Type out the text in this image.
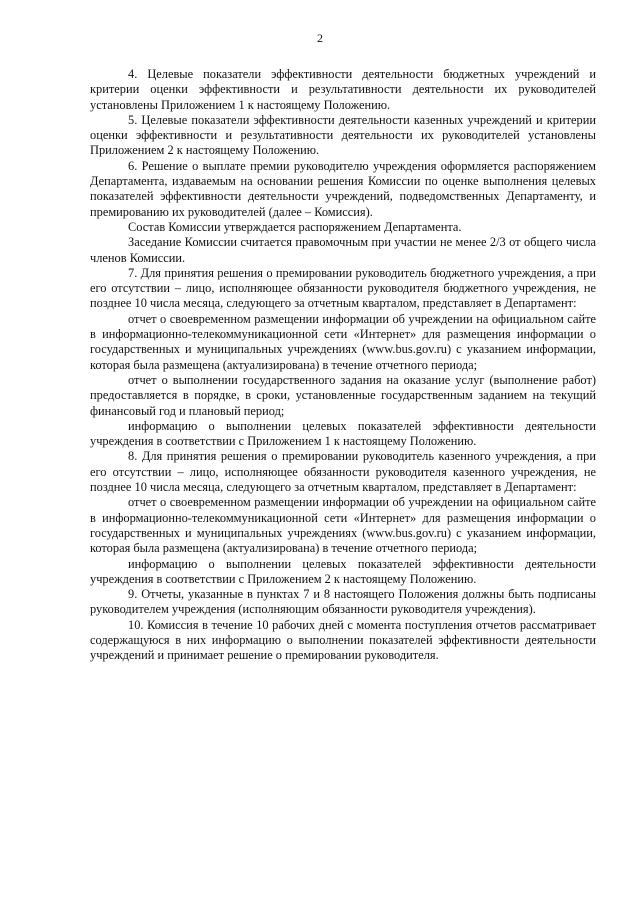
2

4. Целевые показатели эффективности деятельности бюджетных учреждений и критерии оценки эффективности и результативности деятельности их руководителей установлены Приложением 1 к настоящему Положению.

5. Целевые показатели эффективности деятельности казенных учреждений и критерии оценки эффективности и результативности деятельности их руководителей установлены Приложением 2 к настоящему Положению.

6. Решение о выплате премии руководителю учреждения оформляется распоряжением Департамента, издаваемым на основании решения Комиссии по оценке выполнения целевых показателей эффективности деятельности учреждений, подведомственных Департаменту, и премированию их руководителей (далее – Комиссия).

Состав Комиссии утверждается распоряжением Департамента.

Заседание Комиссии считается правомочным при участии не менее 2/3 от общего числа членов Комиссии.

7. Для принятия решения о премировании руководитель бюджетного учреждения, а при его отсутствии – лицо, исполняющее обязанности руководителя бюджетного учреждения, не позднее 10 числа месяца, следующего за отчетным кварталом, представляет в Департамент:

отчет о своевременном размещении информации об учреждении на официальном сайте в информационно-телекоммуникационной сети «Интернет» для размещения информации о государственных и муниципальных учреждениях (www.bus.gov.ru) с указанием информации, которая была размещена (актуализирована) в течение отчетного периода;

отчет о выполнении государственного задания на оказание услуг (выполнение работ) предоставляется в порядке, в сроки, установленные государственным заданием на текущий финансовый год и плановый период;

информацию о выполнении целевых показателей эффективности деятельности учреждения в соответствии с Приложением 1 к настоящему Положению.

8. Для принятия решения о премировании руководитель казенного учреждения, а при его отсутствии – лицо, исполняющее обязанности руководителя казенного учреждения, не позднее 10 числа месяца, следующего за отчетным кварталом, представляет в Департамент:

отчет о своевременном размещении информации об учреждении на официальном сайте в информационно-телекоммуникационной сети «Интернет» для размещения информации о государственных и муниципальных учреждениях (www.bus.gov.ru) с указанием информации, которая была размещена (актуализирована) в течение отчетного периода;

информацию о выполнении целевых показателей эффективности деятельности учреждения в соответствии с Приложением 2 к настоящему Положению.

9. Отчеты, указанные в пунктах 7 и 8 настоящего Положения должны быть подписаны руководителем учреждения (исполняющим обязанности руководителя учреждения).

10. Комиссия в течение 10 рабочих дней с момента поступления отчетов рассматривает содержащуюся в них информацию о выполнении показателей эффективности деятельности учреждений и принимает решение о премировании руководителя.
